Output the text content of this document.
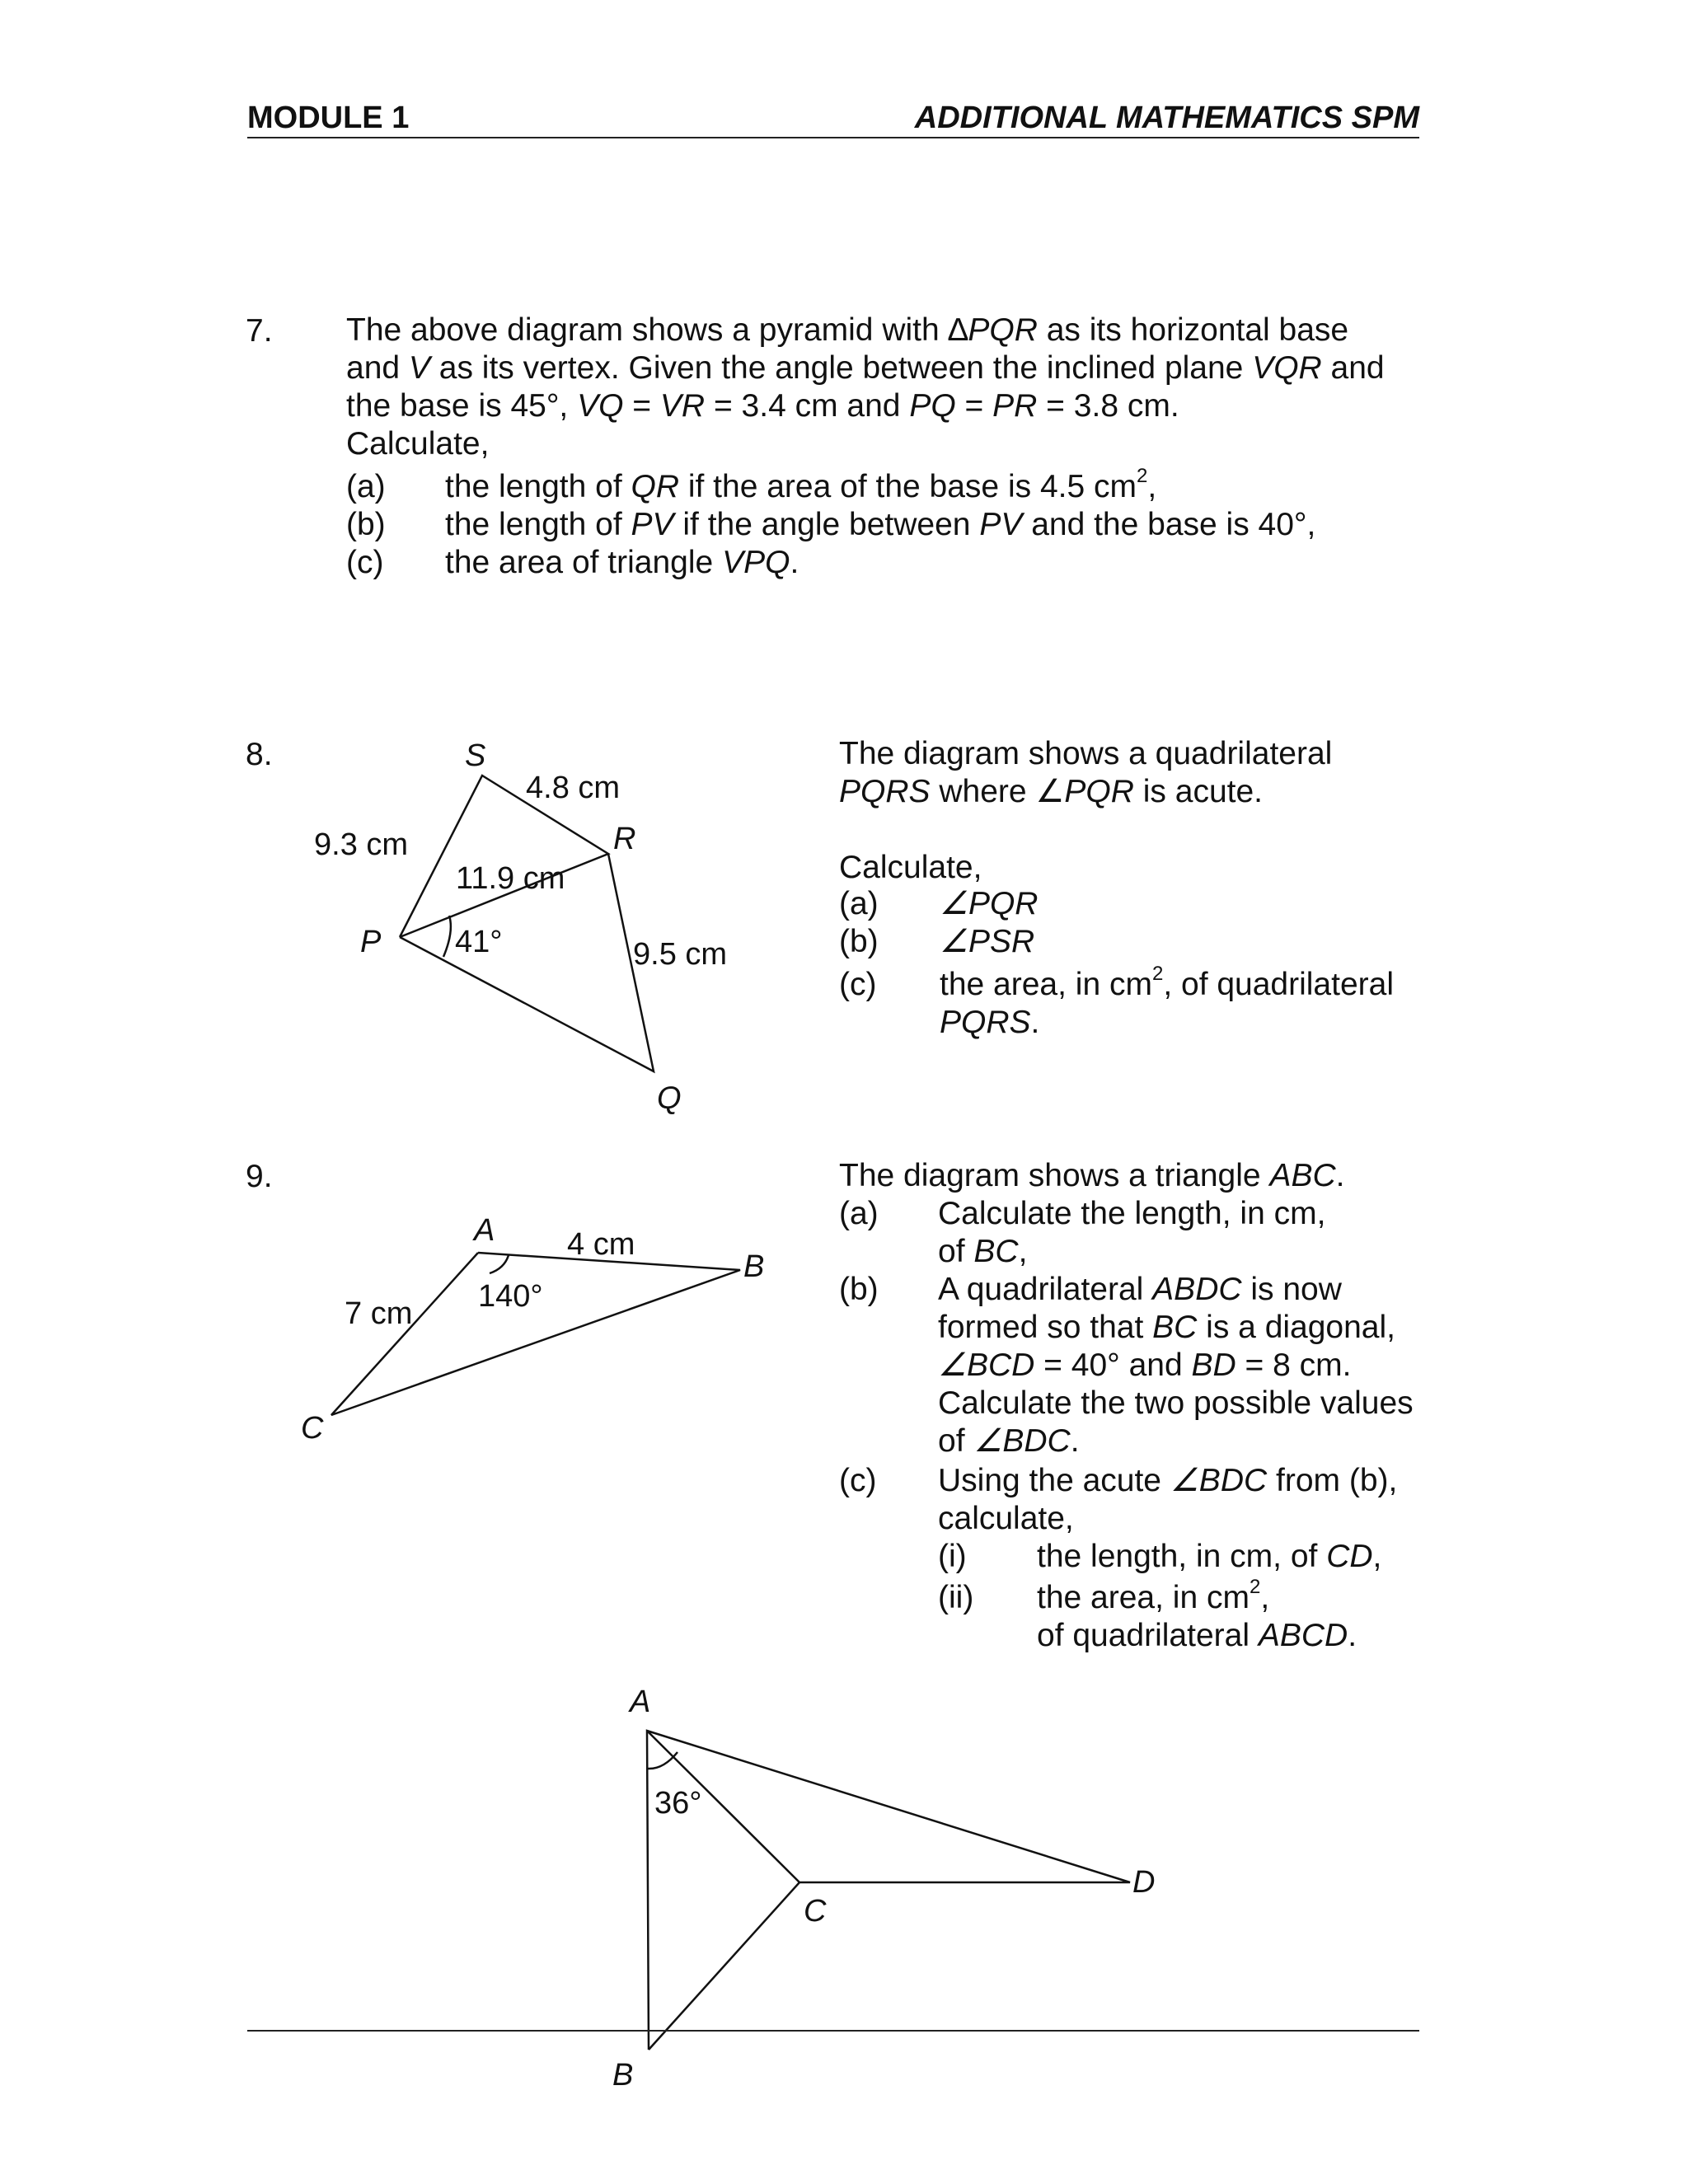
MODULE 1	ADDITIONAL MATHEMATICS SPM
7. The above diagram shows a pyramid with ∆PQR as its horizontal base
and V as its vertex. Given the angle between the inclined plane VQR and
the base is 45°, VQ = VR = 3.4 cm and PQ = PR = 3.8 cm.
Calculate,
(a) the length of QR if the area of the base is 4.5 $cm^2$,
(b) the length of PV if the angle between PV and the base is 40°,
(c) the area of triangle VPQ.
8.	The diagram shows a quadrilateral
PQRS where ∠PQR is acute.
Calculate,
(a) ∠PQR
(b) ∠PSR
(c) the area, in $cm^2$, of quadrilateral
PQRS.
9.	The diagram shows a triangle ABC.
(a) Calculate the length, in cm,
of BC,
(b) A quadrilateral ABDC is now
formed so that BC is a diagonal,
∠BCD = 40° and BD = 8 cm.
Calculate the two possible values
of ∠BDC.
(c) Using the acute ∠BDC from (b),
calculate,
(i) the length, in cm, of CD,
(ii) the area, in $cm^2$,
of quadrilateral ABCD.
S
R
P
Q
4.8 cm
9.3 cm
11.9 cm
9.5 cm
41°
A
B
C
4 cm
7 cm 140°
A
B
C
D
36°
